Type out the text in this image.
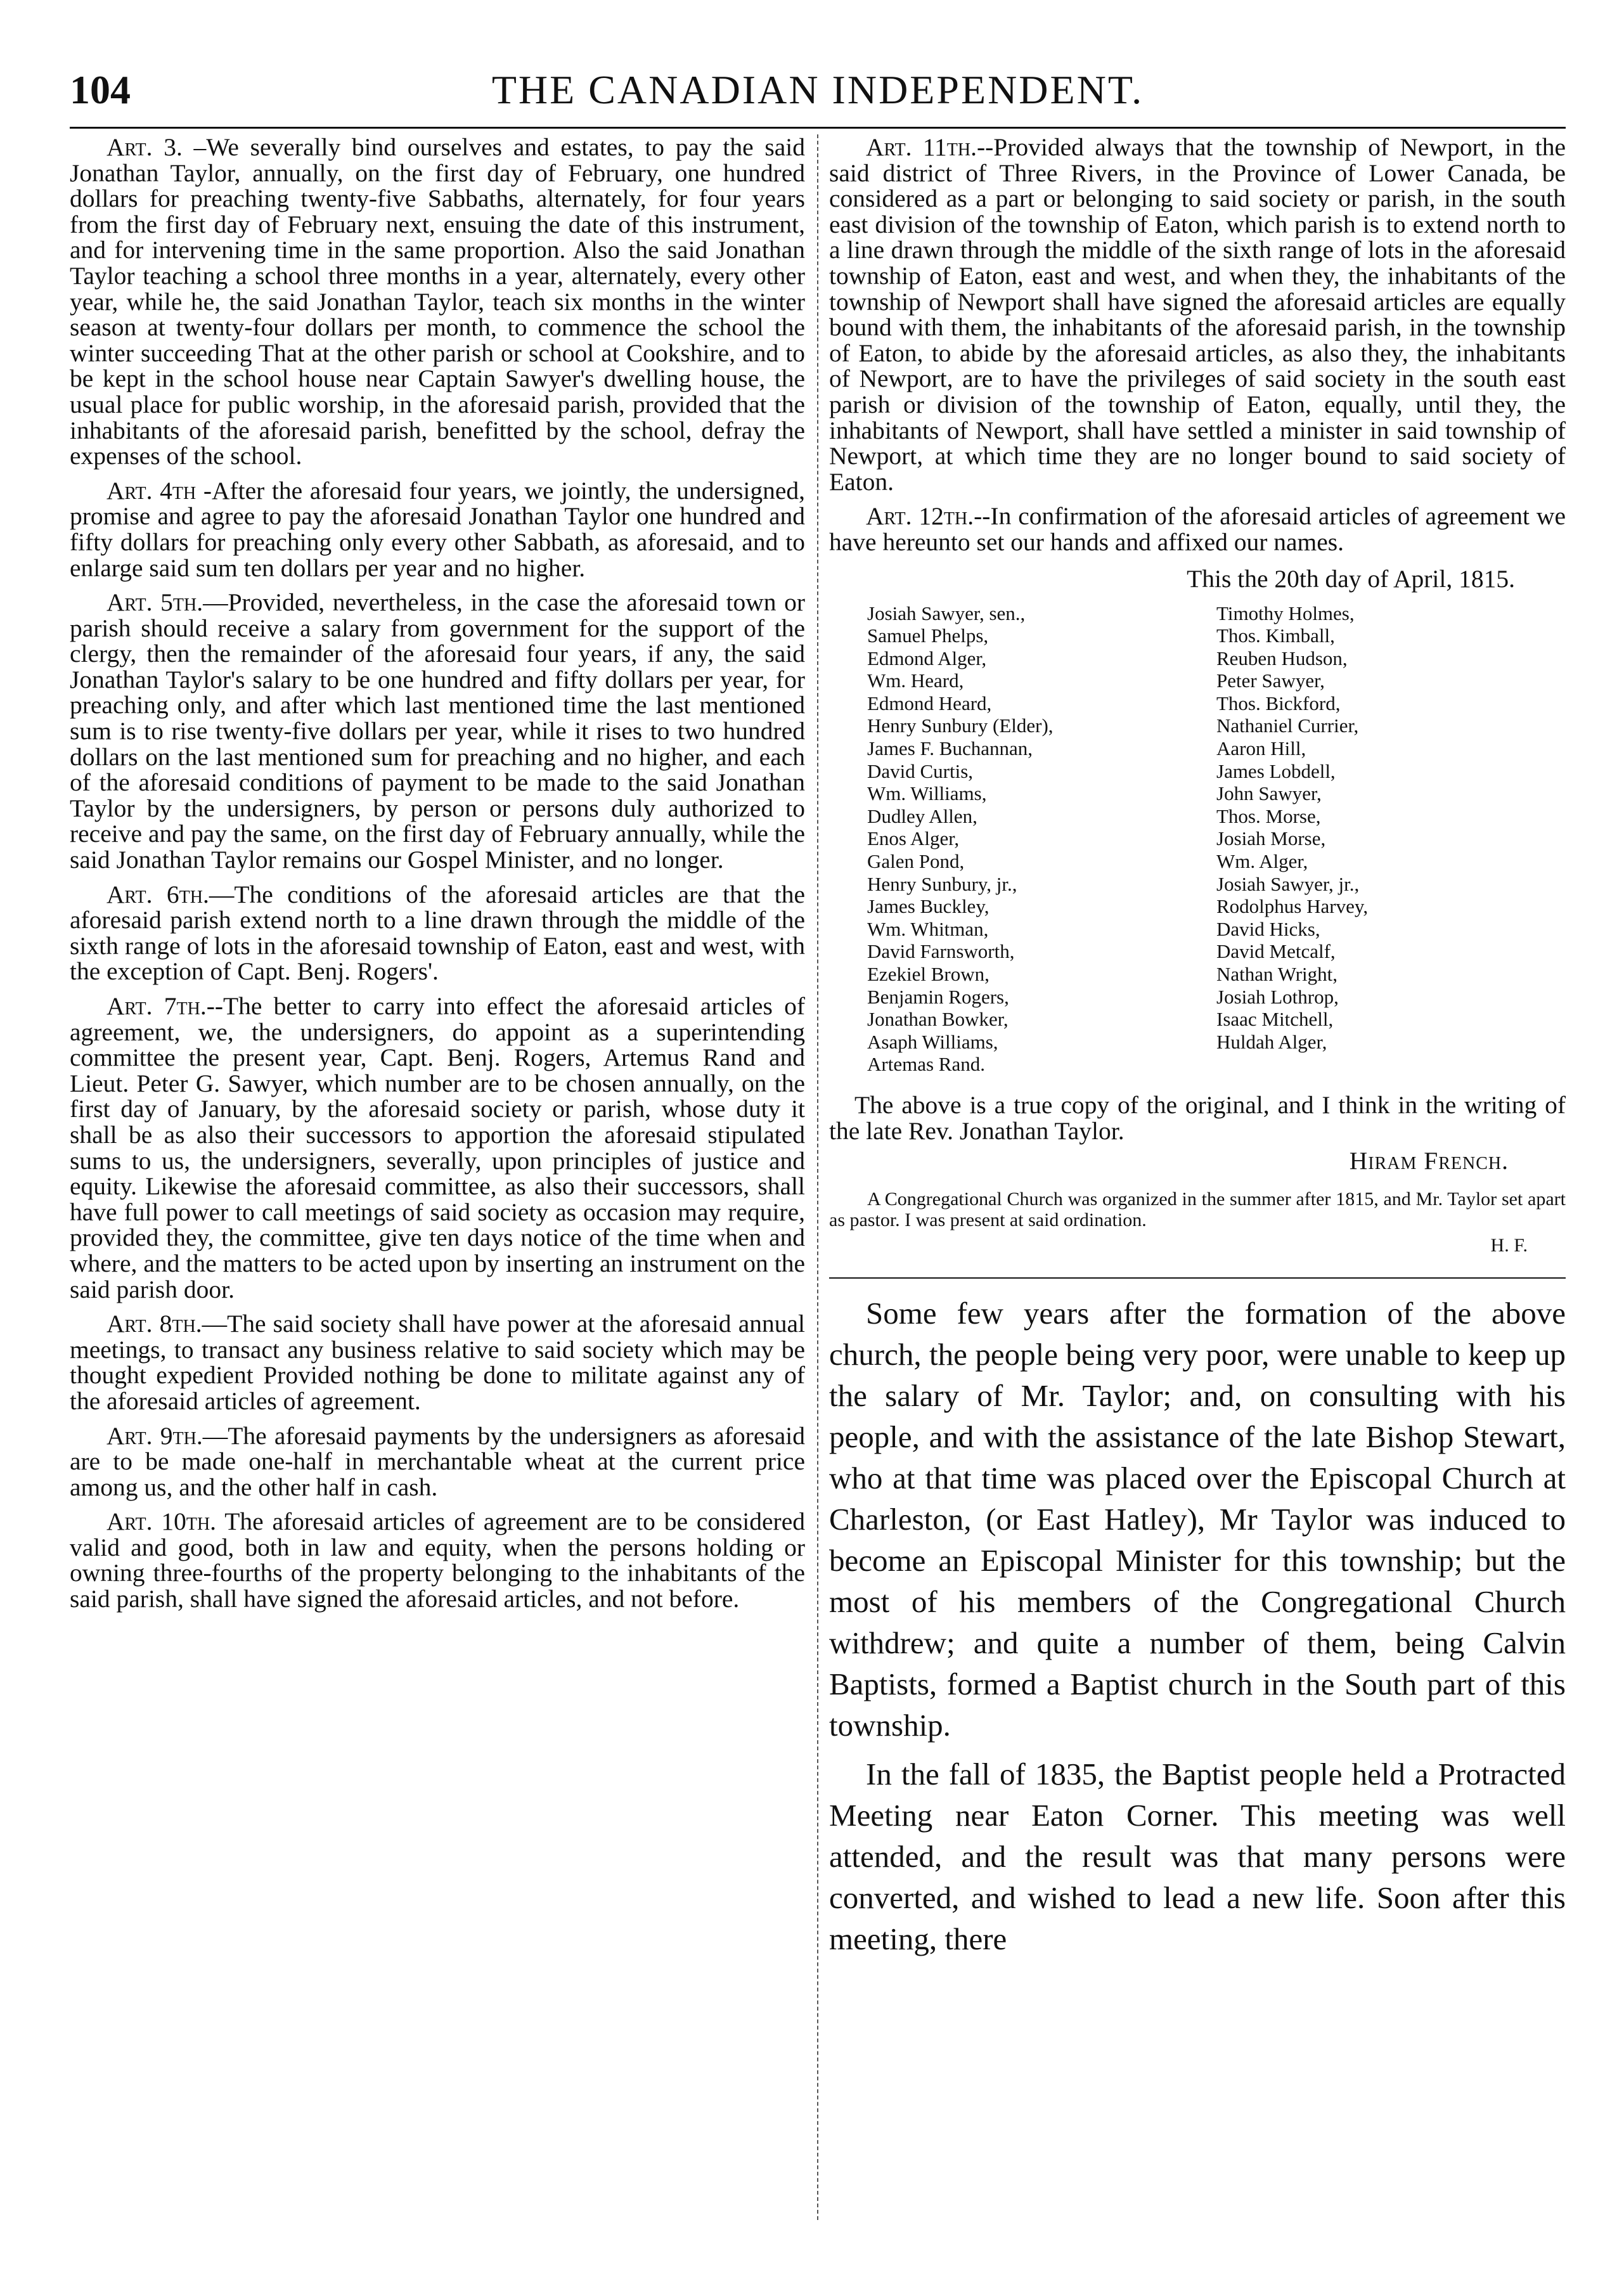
104	THE CANADIAN INDEPENDENT.

Art. 3. –We severally bind ourselves and estates, to pay the said Jonathan Taylor, annually, on the first day of February, one hundred dollars for preaching twenty-five Sabbaths, alternately, for four years from the first day of February next, ensuing the date of this instrument, and for intervening time in the same proportion. Also the said Jonathan Taylor teaching a school three months in a year, alternately, every other year, while he, the said Jonathan Taylor, teach six months in the winter season at twenty-four dollars per month, to commence the school the winter succeeding That at the other parish or school at Cookshire, and to be kept in the school house near Captain Sawyer's dwelling house, the usual place for public worship, in the aforesaid parish, provided that the inhabitants of the aforesaid parish, benefitted by the school, defray the expenses of the school.

Art. 4th -After the aforesaid four years, we jointly, the undersigned, promise and agree to pay the aforesaid Jonathan Taylor one hundred and fifty dollars for preaching only every other Sabbath, as aforesaid, and to enlarge said sum ten dollars per year and no higher.

Art. 5th.—Provided, nevertheless, in the case the aforesaid town or parish should receive a salary from government for the support of the clergy, then the remainder of the aforesaid four years, if any, the said Jonathan Taylor's salary to be one hundred and fifty dollars per year, for preaching only, and after which last mentioned time the last mentioned sum is to rise twenty-five dollars per year, while it rises to two hundred dollars on the last mentioned sum for preaching and no higher, and each of the aforesaid conditions of payment to be made to the said Jonathan Taylor by the undersigners, by person or persons duly authorized to receive and pay the same, on the first day of February annually, while the said Jonathan Taylor remains our Gospel Minister, and no longer.

Art. 6th.—The conditions of the aforesaid articles are that the aforesaid parish extend north to a line drawn through the middle of the sixth range of lots in the aforesaid township of Eaton, east and west, with the exception of Capt. Benj. Rogers'.

Art. 7th.--The better to carry into effect the aforesaid articles of agreement, we, the undersigners, do appoint as a superintending committee the present year, Capt. Benj. Rogers, Artemus Rand and Lieut. Peter G. Sawyer, which number are to be chosen annually, on the first day of January, by the aforesaid society or parish, whose duty it shall be as also their successors to apportion the aforesaid stipulated sums to us, the undersigners, severally, upon principles of justice and equity. Likewise the aforesaid committee, as also their successors, shall have full power to call meetings of said society as occasion may require, provided they, the committee, give ten days notice of the time when and where, and the matters to be acted upon by inserting an instrument on the said parish door.

Art. 8th.—The said society shall have power at the aforesaid annual meetings, to transact any business relative to said society which may be thought expedient Provided nothing be done to militate against any of the aforesaid articles of agreement.

Art. 9th.—The aforesaid payments by the undersigners as aforesaid are to be made one-half in merchantable wheat at the current price among us, and the other half in cash.

Art. 10th. The aforesaid articles of agreement are to be considered valid and good, both in law and equity, when the persons holding or owning three-fourths of the property belonging to the inhabitants of the said parish, shall have signed the aforesaid articles, and not before.

Art. 11th.--Provided always that the township of Newport, in the said district of Three Rivers, in the Province of Lower Canada, be considered as a part or belonging to said society or parish, in the south east division of the township of Eaton, which parish is to extend north to a line drawn through the middle of the sixth range of lots in the aforesaid township of Eaton, east and west, and when they, the inhabitants of the township of Newport shall have signed the aforesaid articles are equally bound with them, the inhabitants of the aforesaid parish, in the township of Eaton, to abide by the aforesaid articles, as also they, the inhabitants of Newport, are to have the privileges of said society in the south east parish or division of the township of Eaton, equally, until they, the inhabitants of Newport, shall have settled a minister in said township of Newport, at which time they are no longer bound to said society of Eaton.

Art. 12th.--In confirmation of the aforesaid articles of agreement we have hereunto set our hands and affixed our names.

This the 20th day of April, 1815.
Josiah Sawyer, sen.,
Samuel Phelps,
Edmond Alger,
Wm. Heard,
Edmond Heard,
Henry Sunbury (Elder),
James F. Buchannan,
David Curtis,
Wm. Williams,
Dudley Allen,
Enos Alger,
Galen Pond,
Henry Sunbury, jr.,
James Buckley,
Wm. Whitman,
David Farnsworth,
Ezekiel Brown,
Benjamin Rogers,
Jonathan Bowker,
Asaph Williams,
Artemas Rand.
Timothy Holmes,
Thos. Kimball,
Reuben Hudson,
Peter Sawyer,
Thos. Bickford,
Nathaniel Currier,
Aaron Hill,
James Lobdell,
John Sawyer,
Thos. Morse,
Josiah Morse,
Wm. Alger,
Josiah Sawyer, jr.,
Rodolphus Harvey,
David Hicks,
David Metcalf,
Nathan Wright,
Josiah Lothrop,
Isaac Mitchell,
Huldah Alger,

The above is a true copy of the original, and I think in the writing of the late Rev. Jonathan Taylor.

Hiram French.

A Congregational Church was organized in the summer after 1815, and Mr. Taylor set apart as pastor. I was present at said ordination.

H. F.

Some few years after the formation of the above church, the people being very poor, were unable to keep up the salary of Mr. Taylor; and, on consulting with his people, and with the assistance of the late Bishop Stewart, who at that time was placed over the Episcopal Church at Charleston, (or East Hatley), Mr Taylor was induced to become an Episcopal Minister for this township; but the most of his members of the Congregational Church withdrew; and quite a number of them, being Calvin Baptists, formed a Baptist church in the South part of this township.

In the fall of 1835, the Baptist people held a Protracted Meeting near Eaton Corner. This meeting was well attended, and the result was that many persons were converted, and wished to lead a new life. Soon after this meeting, there
